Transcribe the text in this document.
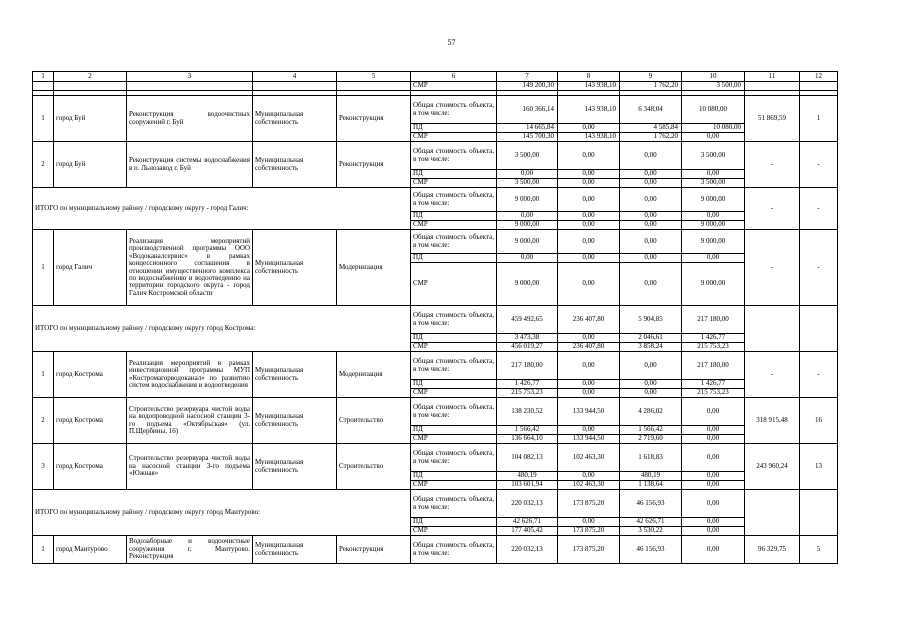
57
1	2	3	4	5	6	7	8	9	10	11	12
					СМР	149 200,30	143 938,10	1 762,20	3 500,00		

1	город Буй	Реконструкция водоочистных сооружений г. Буй	Муниципальная собственность	Реконструкция	Общая стоимость объекта, в том числе:	160 366,14	143 938,10	6 348,04	10 080,00	51 869,59	1
					ПД	14 665,84	0,00	4 585,84	10 080,00		
					СМР	145 700,30	143 938,10	1 762,20	0,00		
2	город Буй	Реконструкция системы водоснабжения в п. Льнозавод г. Буй	Муниципальная собственность	Реконструкция	Общая стоимость объекта, в том числе:	3 500,00	0,00	0,00	3 500,00	-	-
					ПД	0,00	0,00	0,00	0,00		
					СМР	3 500,00	0,00	0,00	3 500,00		
ИТОГО по муниципальному району / городскому округу - город Галич:					Общая стоимость объекта, в том числе:	9 000,00	0,00	0,00	9 000,00	-	-
					ПД	0,00	0,00	0,00	0,00		
					СМР	9 000,00	0,00	0,00	9 000,00		
1	город Галич	Реализация мероприятий производственной программы ООО «Водоканалсервис» в рамках концессионного соглашения в отношении имущественного комплекса по водоснабжению и водоотведению на территории городского округа - город Галич Костромской области	Муниципальная собственность	Модернизация	Общая стоимость объекта, в том числе:	9 000,00	0,00	0,00	9 000,00	-	-
					ПД	0,00	0,00	0,00	0,00		
					СМР	9 000,00	0,00	0,00	9 000,00		
ИТОГО по муниципальному району / городскому округу город Кострома:					Общая стоимость объекта, в том числе:	459 492,65	236 407,80	5 904,85	217 180,00		
					ПД	3 473,38	0,00	2 046,61	1 426,77		
					СМР	456 019,27	236 407,80	3 858,24	215 753,23		
1	город Кострома	Реализация мероприятий в рамках инвестиционной программы МУП «Костромагорводоканал» по развитию систем водоснабжения и водоотведения	Муниципальная собственность	Модернизация	Общая стоимость объекта, в том числе:	217 180,00	0,00	0,00	217 180,00	-	-
					ПД	1 426,77	0,00	0,00	1 426,77		
					СМР	215 753,23	0,00	0,00	215 753,23		
2	город Кострома	Строительство резервуара чистой воды на водопроводной насосной станции 3-го подъема «Октябрьская» (ул. П.Щербины, 16)	Муниципальная собственность	Строительство	Общая стоимость объекта, в том числе:	138 230,52	133 944,50	4 286,02	0,00	318 915,48	16
					ПД	1 566,42	0,00	1 566,42	0,00		
					СМР	136 664,10	133 944,50	2 719,60	0,00		
3	город Кострома	Строительство резервуара чистой воды на насосной станции 3-го подъема «Южная»	Муниципальная собственность	Строительство	Общая стоимость объекта, в том числе:	104 082,13	102 463,30	1 618,83	0,00	243 960,24	13
					ПД	480,19	0,00	480,19	0,00		
					СМР	103 601,94	102 463,30	1 138,64	0,00		
ИТОГО по муниципальному району / городскому округу город Мантурово:					Общая стоимость объекта, в том числе:	220 032,13	173 875,20	46 156,93	0,00		
					ПД	42 626,71	0,00	42 626,71	0,00		
					СМР	177 405,42	173 875,20	3 530,22	0,00		
1	город Мантурово	Водозаборные и водоочистные сооружения г. Мантурово. Реконструкция	Муниципальная собственность	Реконструкция	Общая стоимость объекта, в том числе:	220 032,13	173 875,20	46 156,93	0,00	96 329,75	5
